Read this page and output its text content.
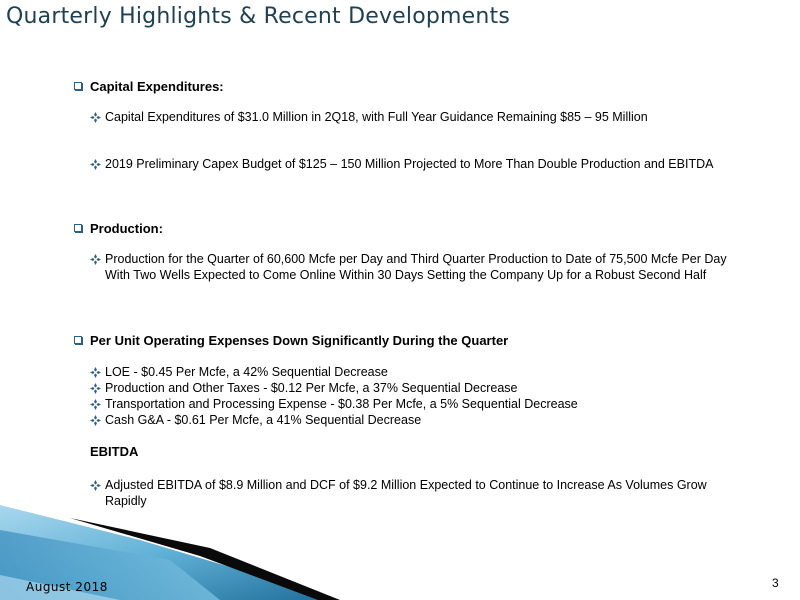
Quarterly Highlights & Recent Developments
Capital Expenditures:
Capital Expenditures of $31.0 Million in 2Q18, with Full Year Guidance Remaining $85 – 95 Million
2019 Preliminary Capex Budget of $125 – 150 Million Projected to More Than Double Production and EBITDA
Production:
Production for the Quarter of 60,600 Mcfe per Day and Third Quarter Production to Date of 75,500 Mcfe Per Day With Two Wells Expected to Come Online Within 30 Days Setting the Company Up for a Robust Second Half
Per Unit Operating Expenses Down Significantly During the Quarter
LOE - $0.45 Per Mcfe, a 42% Sequential Decrease
Production and Other Taxes - $0.12 Per Mcfe, a 37% Sequential Decrease
Transportation and Processing Expense - $0.38 Per Mcfe, a 5% Sequential Decrease
Cash G&A - $0.61 Per Mcfe, a 41% Sequential Decrease
EBITDA
Adjusted EBITDA of $8.9 Million and DCF of $9.2 Million Expected to Continue to Increase As Volumes Grow Rapidly
August 2018	3
